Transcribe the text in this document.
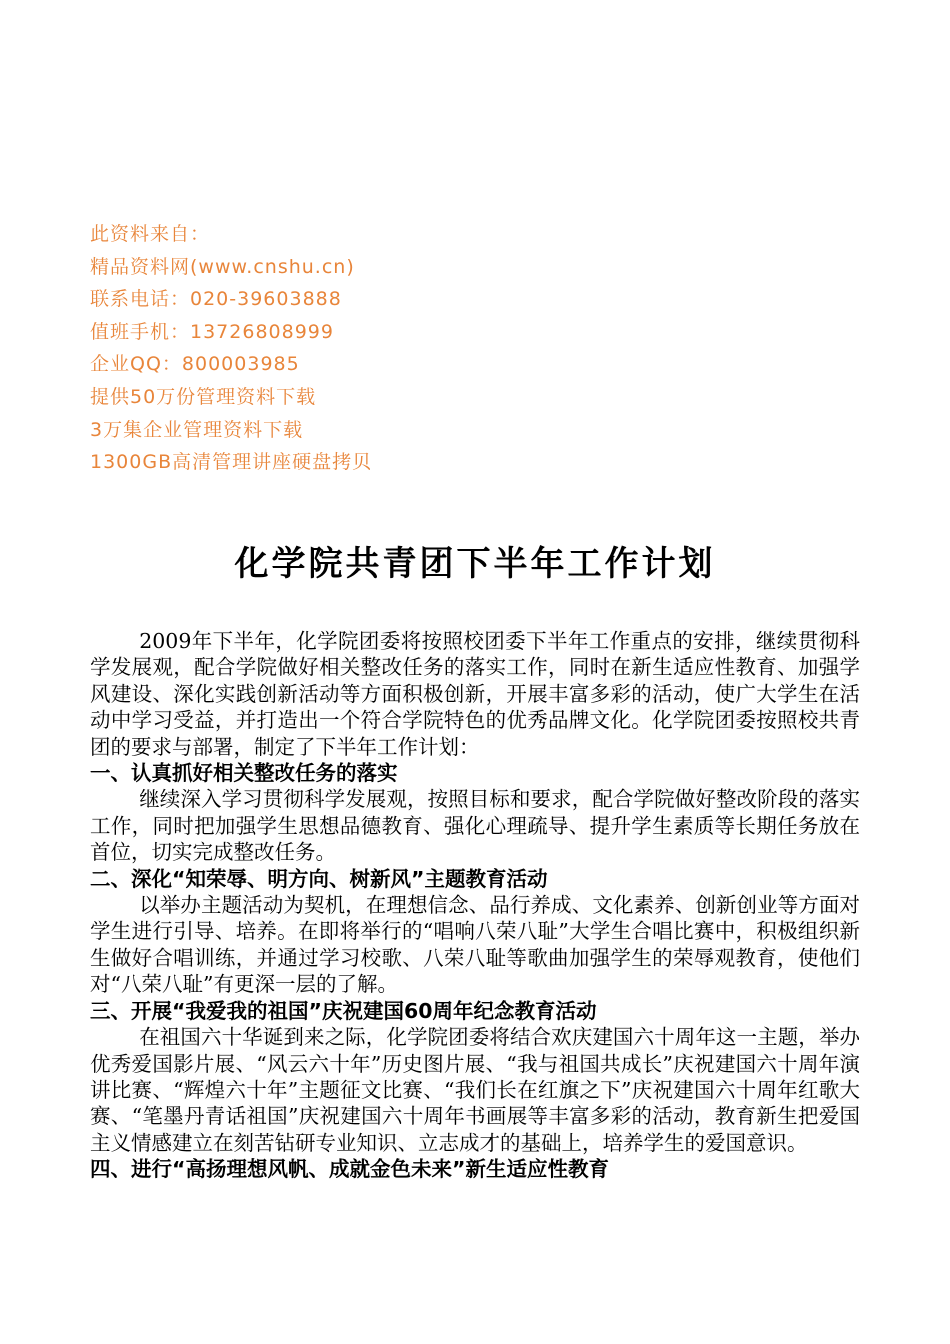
此资料来自：
精品资料网(www.cnshu.cn)
联系电话：020-39603888
值班手机：13726808999
企业QQ：800003985
提供50万份管理资料下载
3万集企业管理资料下载
1300GB高清管理讲座硬盘拷贝
化学院共青团下半年工作计划

2009年下半年，化学院团委将按照校团委下半年工作重点的安排，继续贯彻科学发展观，配合学院做好相关整改任务的落实工作，同时在新生适应性教育、加强学风建设、深化实践创新活动等方面积极创新，开展丰富多彩的活动，使广大学生在活动中学习受益，并打造出一个符合学院特色的优秀品牌文化。化学院团委按照校共青团的要求与部署，制定了下半年工作计划：

一、认真抓好相关整改任务的落实

继续深入学习贯彻科学发展观，按照目标和要求，配合学院做好整改阶段的落实工作，同时把加强学生思想品德教育、强化心理疏导、提升学生素质等长期任务放在首位，切实完成整改任务。

二、深化“知荣辱、明方向、树新风”主题教育活动

以举办主题活动为契机，在理想信念、品行养成、文化素养、创新创业等方面对学生进行引导、培养。在即将举行的“唱响八荣八耻”大学生合唱比赛中，积极组织新生做好合唱训练，并通过学习校歌、八荣八耻等歌曲加强学生的荣辱观教育，使他们对“八荣八耻”有更深一层的了解。

三、开展“我爱我的祖国”庆祝建国60周年纪念教育活动

在祖国六十华诞到来之际，化学院团委将结合欢庆建国六十周年这一主题，举办优秀爱国影片展、“风云六十年”历史图片展、“我与祖国共成长”庆祝建国六十周年演讲比赛、“辉煌六十年”主题征文比赛、“我们长在红旗之下”庆祝建国六十周年红歌大赛、“笔墨丹青话祖国”庆祝建国六十周年书画展等丰富多彩的活动，教育新生把爱国主义情感建立在刻苦钻研专业知识、立志成才的基础上，培养学生的爱国意识。

四、进行“高扬理想风帆、成就金色未来”新生适应性教育
